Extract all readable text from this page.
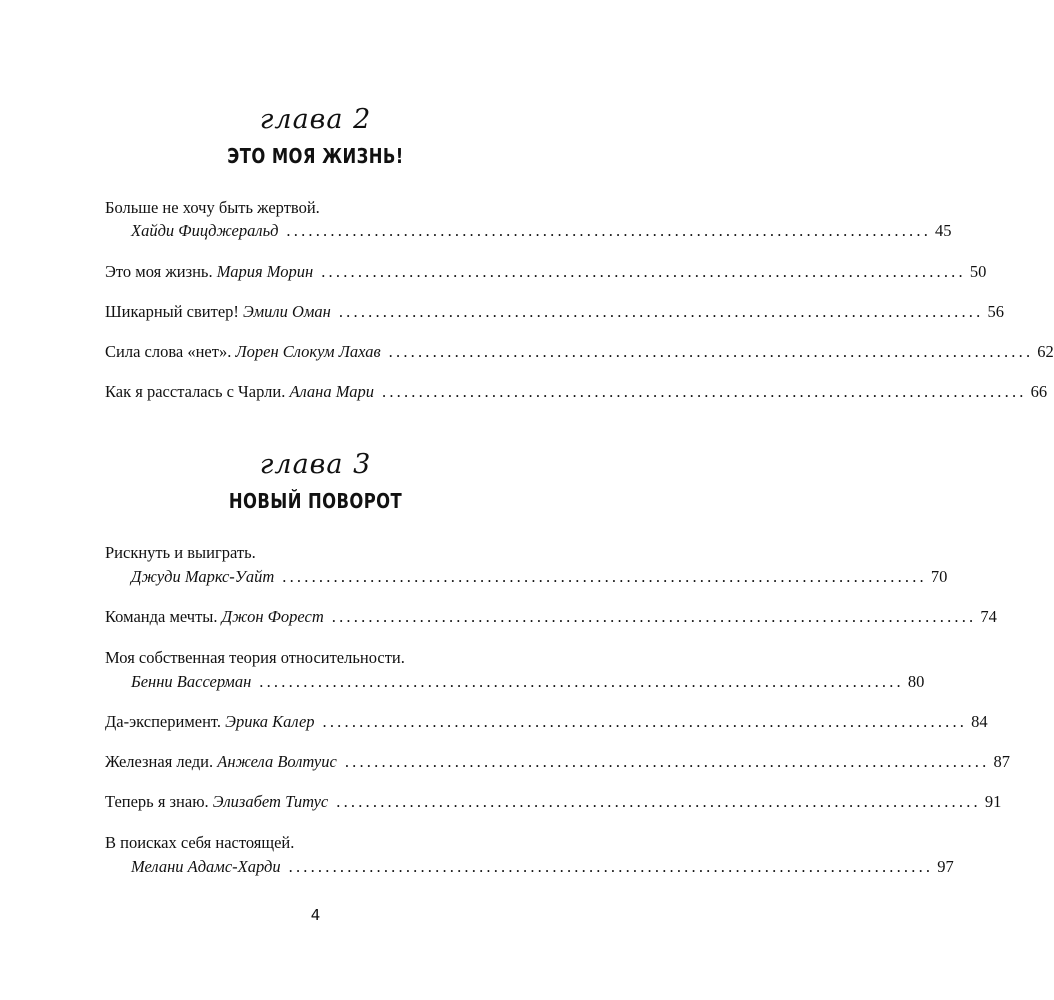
глава 2
ЭТО МОЯ ЖИЗНЬ!
Больше не хочу быть жертвой.
Хайди Фицджеральд ........................................................................................ 45
Это моя жизнь.
Мария Морин ........................................................................................ 50
Шикарный свитер!
Эмили Оман ........................................................................................ 56
Сила слова «нет».
Лорен Слокум Лахав ........................................................................................ 62
Как я рассталась с Чарли.
Алана Мари ........................................................................................ 66
глава 3
НОВЫЙ ПОВОРОТ
Рискнуть и выиграть.
Джуди Маркс-Уайт ........................................................................................ 70
Команда мечты.
Джон Форест ........................................................................................ 74
Моя собственная теория относительности.
Бенни Вассерман ........................................................................................ 80
Да-эксперимент.
Эрика Калер ........................................................................................ 84
Железная леди.
Анжела Волтуис ........................................................................................ 87
Теперь я знаю.
Элизабет Титус ........................................................................................ 91
В поисках себя настоящей.
Мелани Адамс-Харди ........................................................................................ 97
4
